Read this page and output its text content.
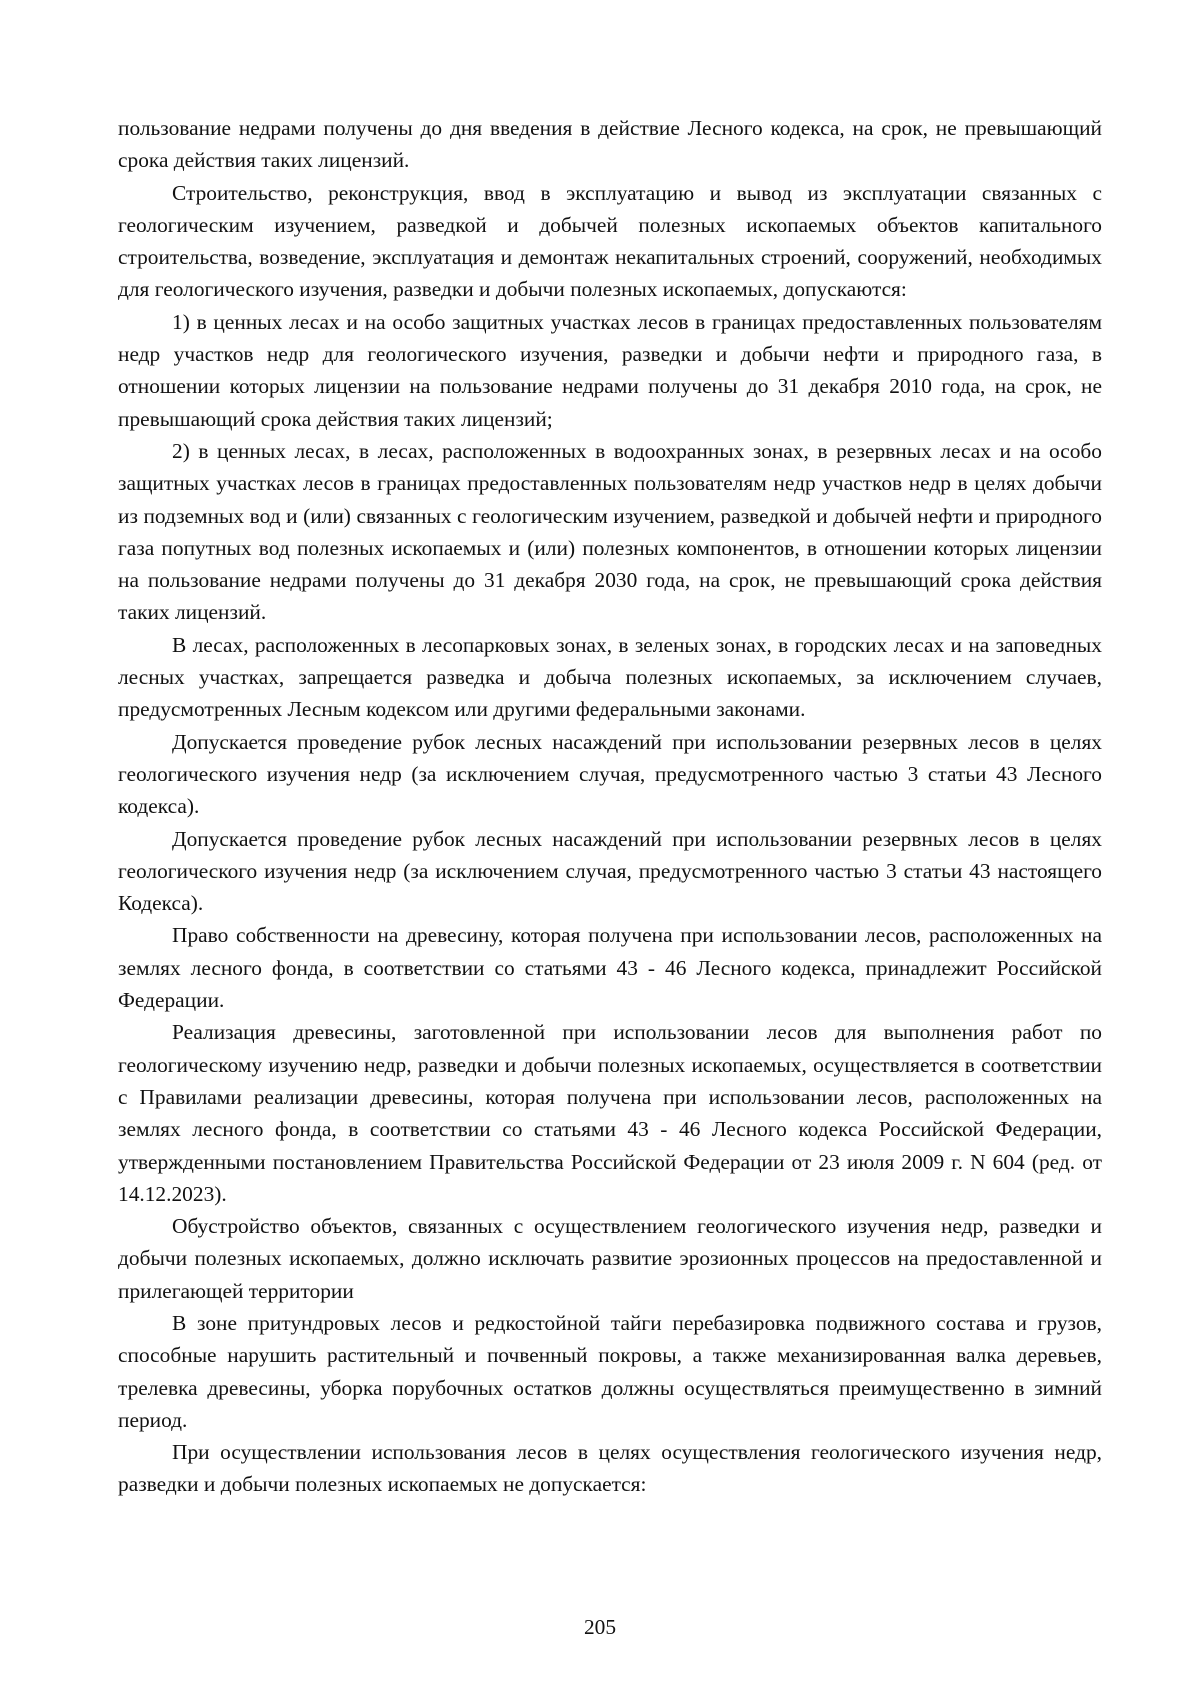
пользование недрами получены до дня введения в действие Лесного кодекса, на срок, не превышающий срока действия таких лицензий.

Строительство, реконструкция, ввод в эксплуатацию и вывод из эксплуатации связанных с геологическим изучением, разведкой и добычей полезных ископаемых объектов капитального строительства, возведение, эксплуатация и демонтаж некапитальных строений, сооружений, необходимых для геологического изучения, разведки и добычи полезных ископаемых, допускаются:

1) в ценных лесах и на особо защитных участках лесов в границах предоставленных пользователям недр участков недр для геологического изучения, разведки и добычи нефти и природного газа, в отношении которых лицензии на пользование недрами получены до 31 декабря 2010 года, на срок, не превышающий срока действия таких лицензий;

2) в ценных лесах, в лесах, расположенных в водоохранных зонах, в резервных лесах и на особо защитных участках лесов в границах предоставленных пользователям недр участков недр в целях добычи из подземных вод и (или) связанных с геологическим изучением, разведкой и добычей нефти и природного газа попутных вод полезных ископаемых и (или) полезных компонентов, в отношении которых лицензии на пользование недрами получены до 31 декабря 2030 года, на срок, не превышающий срока действия таких лицензий.

В лесах, расположенных в лесопарковых зонах, в зеленых зонах, в городских лесах и на заповедных лесных участках, запрещается разведка и добыча полезных ископаемых, за исключением случаев, предусмотренных Лесным кодексом или другими федеральными законами.

Допускается проведение рубок лесных насаждений при использовании резервных лесов в целях геологического изучения недр (за исключением случая, предусмотренного частью 3 статьи 43 Лесного кодекса).

Допускается проведение рубок лесных насаждений при использовании резервных лесов в целях геологического изучения недр (за исключением случая, предусмотренного частью 3 статьи 43 настоящего Кодекса).

Право собственности на древесину, которая получена при использовании лесов, расположенных на землях лесного фонда, в соответствии со статьями 43 - 46 Лесного кодекса, принадлежит Российской Федерации.

Реализация древесины, заготовленной при использовании лесов для выполнения работ по геологическому изучению недр, разведки и добычи полезных ископаемых, осуществляется в соответствии с Правилами реализации древесины, которая получена при использовании лесов, расположенных на землях лесного фонда, в соответствии со статьями 43 - 46 Лесного кодекса Российской Федерации, утвержденными постановлением Правительства Российской Федерации от 23 июля 2009 г. N 604 (ред. от 14.12.2023).

Обустройство объектов, связанных с осуществлением геологического изучения недр, разведки и добычи полезных ископаемых, должно исключать развитие эрозионных процессов на предоставленной и прилегающей территории

В зоне притундровых лесов и редкостойной тайги перебазировка подвижного состава и грузов, способные нарушить растительный и почвенный покровы, а также механизированная валка деревьев, трелевка древесины, уборка порубочных остатков должны осуществляться преимущественно в зимний период.

При осуществлении использования лесов в целях осуществления геологического изучения недр, разведки и добычи полезных ископаемых не допускается:

205
